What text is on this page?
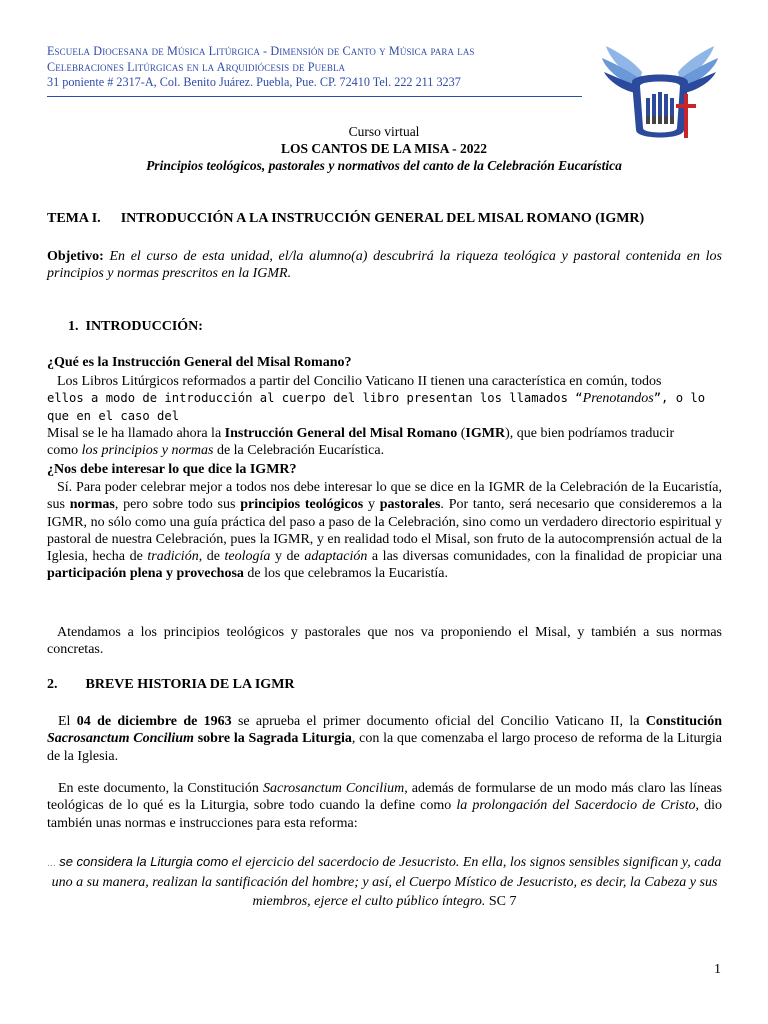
Escuela Diocesana de Música Litúrgica - Dimensión de Canto y Música para las
Celebraciones Litúrgicas en la Arquidiócesis de Puebla
31 poniente # 2317-A, Col. Benito Juárez. Puebla, Pue. CP. 72410 Tel. 222 211 3237
Curso virtual
LOS CANTOS DE LA MISA - 2022
Principios teológicos, pastorales y normativos del canto de la Celebración Eucarística
TEMA I. INTRODUCCIÓN A LA INSTRUCCIÓN GENERAL DEL MISAL ROMANO (IGMR)
Objetivo: En el curso de esta unidad, el/la alumno(a) descubrirá la riqueza teológica y pastoral contenida en los principios y normas prescritos en la IGMR.
1. INTRODUCCIÓN:
¿Qué es la Instrucción General del Misal Romano?
Los Libros Litúrgicos reformados a partir del Concilio Vaticano II tienen una característica en común, todos
ellos a modo de introducción al cuerpo del libro presentan los llamados “Prenotandos”, o lo que en el caso del
Misal se le ha llamado ahora la Instrucción General del Misal Romano (IGMR), que bien podríamos traducir
como los principios y normas de la Celebración Eucarística.
¿Nos debe interesar lo que dice la IGMR?
Sí. Para poder celebrar mejor a todos nos debe interesar lo que se dice en la IGMR de la Celebración de la Eucaristía, sus normas, pero sobre todo sus principios teológicos y pastorales. Por tanto, será necesario que consideremos a la IGMR, no sólo como una guía práctica del paso a paso de la Celebración, sino como un verdadero directorio espiritual y pastoral de nuestra Celebración, pues la IGMR, y en realidad todo el Misal, son fruto de la autocomprensión actual de la Iglesia, hecha de tradición, de teología y de adaptación a las diversas comunidades, con la finalidad de propiciar una participación plena y provechosa de los que celebramos la Eucaristía.
Atendamos a los principios teológicos y pastorales que nos va proponiendo el Misal, y también a sus normas concretas.
2. BREVE HISTORIA DE LA IGMR
El 04 de diciembre de 1963 se aprueba el primer documento oficial del Concilio Vaticano II, la Constitución Sacrosanctum Concilium sobre la Sagrada Liturgia, con la que comenzaba el largo proceso de reforma de la Liturgia de la Iglesia.
En este documento, la Constitución Sacrosanctum Concilium, además de formularse de un modo más claro las líneas teológicas de lo qué es la Liturgia, sobre todo cuando la define como la prolongación del Sacerdocio de Cristo, dio también unas normas e instrucciones para esta reforma:
… se considera la Liturgia como el ejercicio del sacerdocio de Jesucristo. En ella, los signos sensibles significan y, cada uno a su manera, realizan la santificación del hombre; y así, el Cuerpo Místico de Jesucristo, es decir, la Cabeza y sus miembros, ejerce el culto público íntegro. SC 7
1
